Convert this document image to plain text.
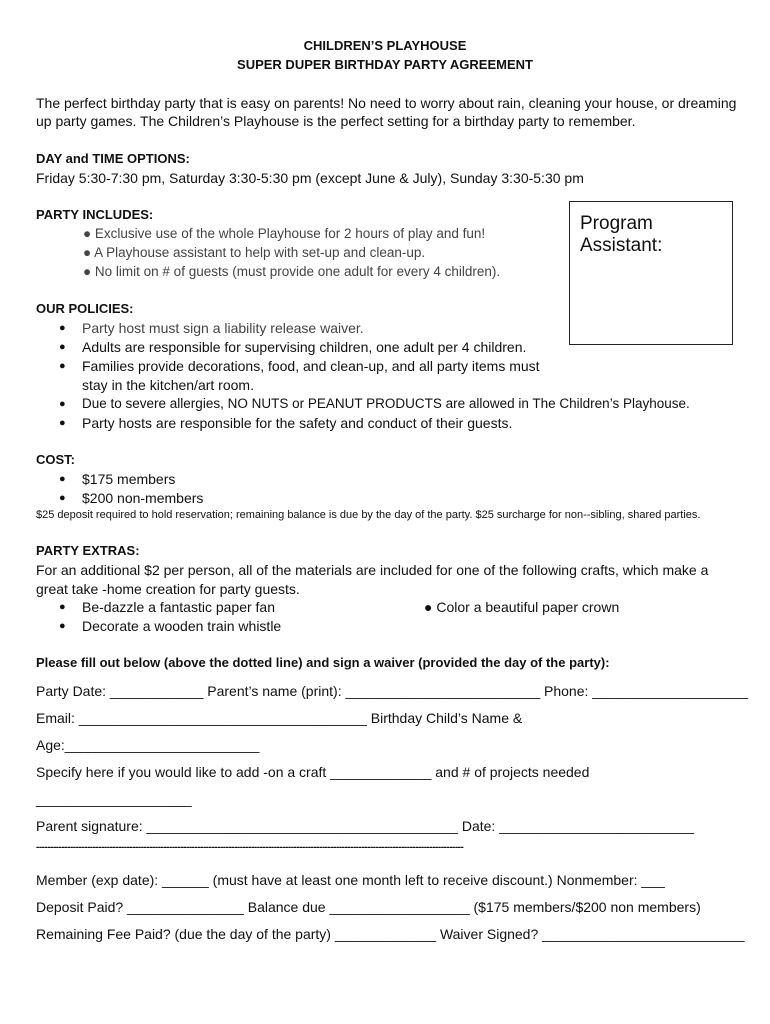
CHILDREN’S PLAYHOUSE
SUPER DUPER BIRTHDAY PARTY AGREEMENT
The perfect birthday party that is easy on parents! No need to worry about rain, cleaning your house, or dreaming
up party games. The Children’s Playhouse is the perfect setting for a birthday party to remember.
DAY and TIME OPTIONS:
Friday 5:30-7:30 pm, Saturday 3:30-5:30 pm (except June & July), Sunday 3:30-5:30 pm
PARTY INCLUDES:
● Exclusive use of the whole Playhouse for 2 hours of play and fun!
● A Playhouse assistant to help with set-up and clean-up.
● No limit on # of guests (must provide one adult for every 4 children).
Program Assistant:
OUR POLICIES:
● Party host must sign a liability release waiver.
● Adults are responsible for supervising children, one adult per 4 children.
● Families provide decorations, food, and clean-up, and all party items must
stay in the kitchen/art room.
● Due to severe allergies, NO NUTS or PEANUT PRODUCTS are allowed in The Children’s Playhouse.
● Party hosts are responsible for the safety and conduct of their guests.
COST:
● $175 members
● $200 non-members
$25 deposit required to hold reservation; remaining balance is due by the day of the party. $25 surcharge for non--sibling, shared parties.
PARTY EXTRAS:
For an additional $2 per person, all of the materials are included for one of the following crafts, which make a
great take -home creation for party guests.
● Be-dazzle a fantastic paper fan	● Color a beautiful paper crown
● Decorate a wooden train whistle
Please fill out below (above the dotted line) and sign a waiver (provided the day of the party):
Party Date: ____________ Parent’s name (print): _________________________ Phone: ____________________
Email: _____________________________________ Birthday Child’s Name &
Age:_________________________
Specify here if you would like to add -on a craft _____________ and # of projects needed
____________________
Parent signature: ________________________________________ Date: _________________________
-------------------------------------------------------------------------------------------------------------------------------------------------------
Member (exp date): ______ (must have at least one month left to receive discount.) Nonmember: ___
Deposit Paid? _______________ Balance due __________________ ($175 members/$200 non members)
Remaining Fee Paid? (due the day of the party) _____________ Waiver Signed? __________________________
